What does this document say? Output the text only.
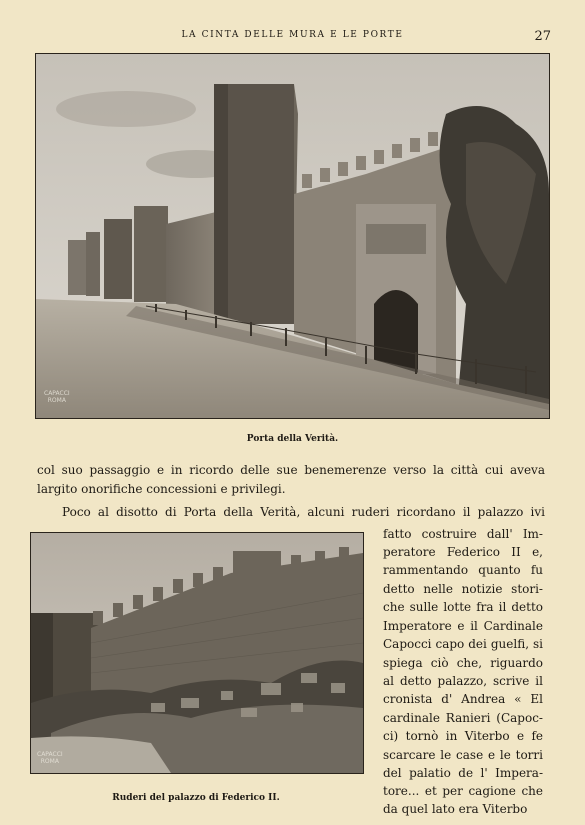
LA CINTA DELLE MURA E LE PORTE	27
CAPACCI
ROMA
Porta della Verità.
col suo passaggio e in ricordo delle sue benemerenze verso la città cui aveva
largito onorifiche concessioni e privilegi.
Poco al disotto di Porta della Verità, alcuni ruderi ricordano il palazzo ivi
CAPACCI
ROMA
Ruderi del palazzo di Federico II.
fatto costruire dall' Im-
peratore Federico II e,
rammentando quanto fu
detto nelle notizie stori-
che sulle lotte fra il detto
Imperatore e il Cardinale
Capocci capo dei guelfi, si
spiega ciò che, riguardo
al detto palazzo, scrive il
cronista d' Andrea « El
cardinale Ranieri (Capoc-
ci) tornò in Viterbo e fe
scarcare le case e le torri
del palatio de l' Impera-
tore... et per cagione che
da quel lato era Viterbo
